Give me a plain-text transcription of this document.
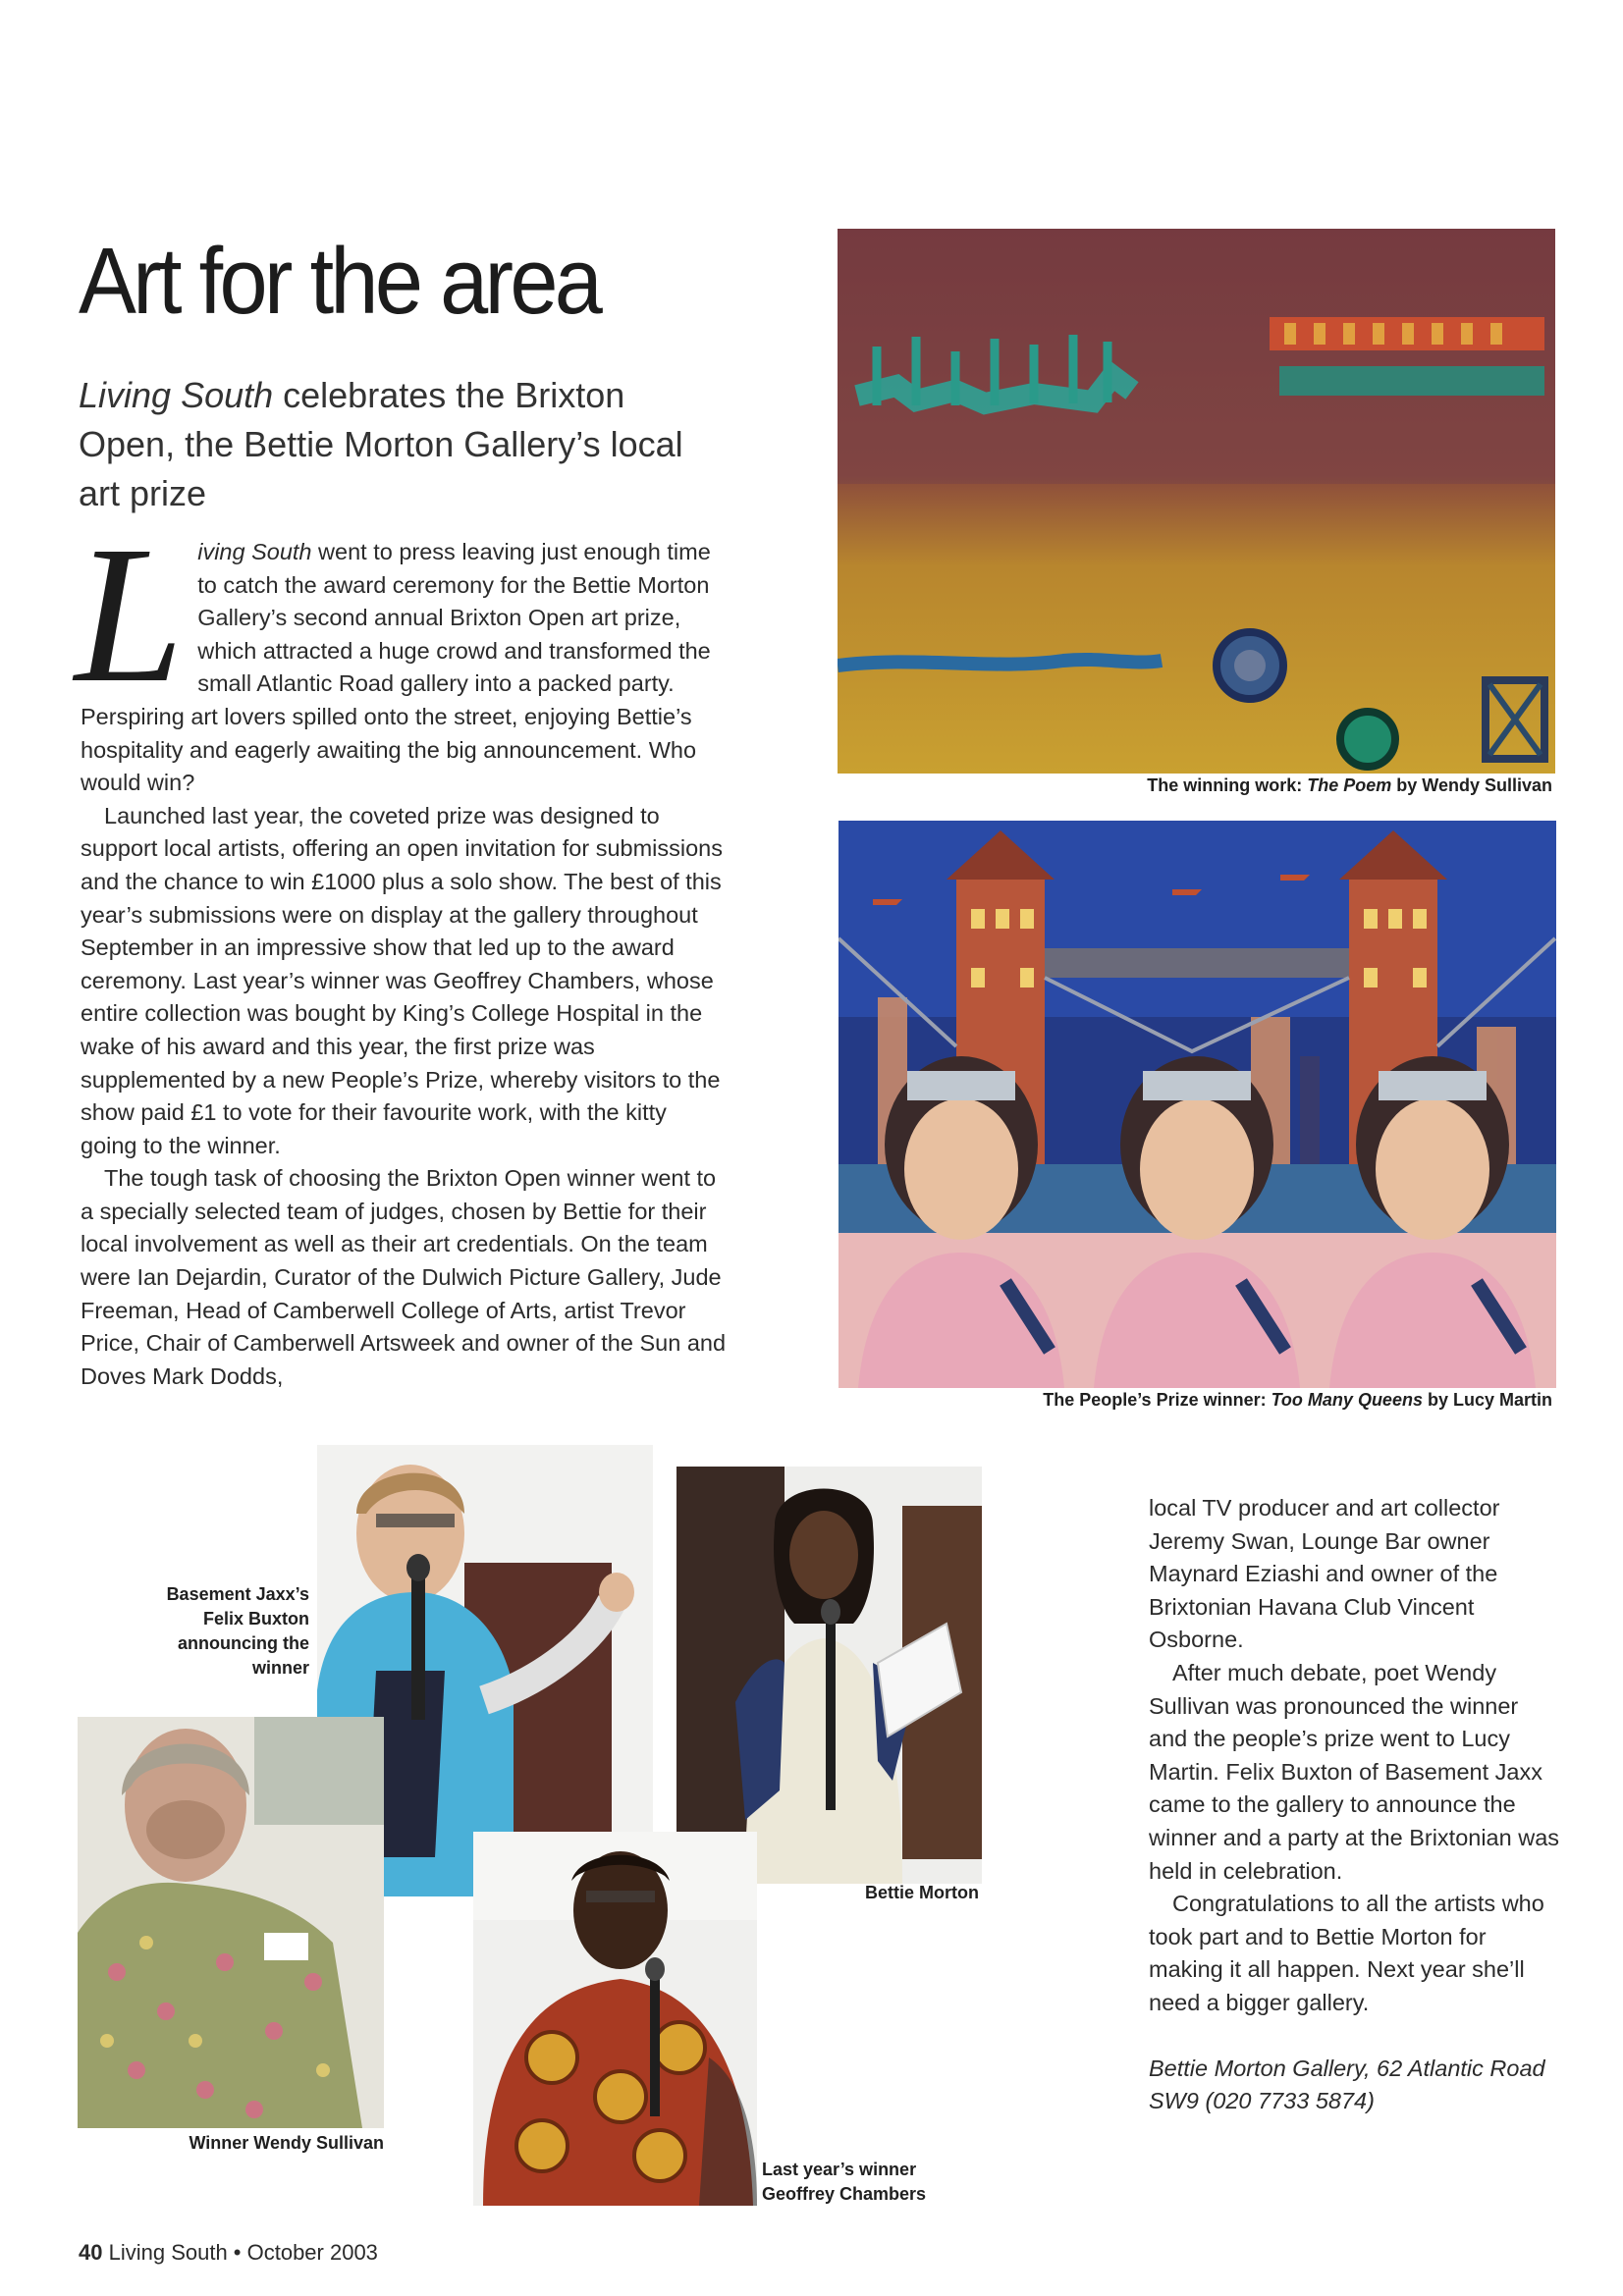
Art for the area
Living South celebrates the Brixton Open, the Bettie Morton Gallery’s local art prize

Living South went to press leaving just enough time to catch the award ceremony for the Bettie Morton Gallery’s second annual Brixton Open art prize, which attracted a huge crowd and transformed the small Atlantic Road gallery into a packed party. Perspiring art lovers spilled onto the street, enjoying Bettie’s hospitality and eagerly awaiting the big announcement. Who would win?

Launched last year, the coveted prize was designed to support local artists, offering an open invitation for submissions and the chance to win £1000 plus a solo show. The best of this year’s submissions were on display at the gallery throughout September in an impressive show that led up to the award ceremony. Last year’s winner was Geoffrey Chambers, whose entire collection was bought by King’s College Hospital in the wake of his award and this year, the first prize was supplemented by a new People’s Prize, whereby visitors to the show paid £1 to vote for their favourite work, with the kitty going to the winner.

The tough task of choosing the Brixton Open winner went to a specially selected team of judges, chosen by Bettie for their local involvement as well as their art credentials. On the team were Ian Dejardin, Curator of the Dulwich Picture Gallery, Jude Freeman, Head of Camberwell College of Arts, artist Trevor Price, Chair of Camberwell Artsweek and owner of the Sun and Doves Mark Dodds,

The winning work: The Poem by Wendy Sullivan
The People’s Prize winner: Too Many Queens by Lucy Martin
Basement Jaxx’s Felix Buxton announcing the winner
Bettie Morton
Winner Wendy Sullivan
Last year’s winner Geoffrey Chambers

local TV producer and art collector Jeremy Swan, Lounge Bar owner Maynard Eziashi and owner of the Brixtonian Havana Club Vincent Osborne.

After much debate, poet Wendy Sullivan was pronounced the winner and the people’s prize went to Lucy Martin. Felix Buxton of Basement Jaxx came to the gallery to announce the winner and a party at the Brixtonian was held in celebration.

Congratulations to all the artists who took part and to Bettie Morton for making it all happen. Next year she’ll need a bigger gallery.

Bettie Morton Gallery, 62 Atlantic Road SW9 (020 7733 5874)

40 Living South • October 2003
